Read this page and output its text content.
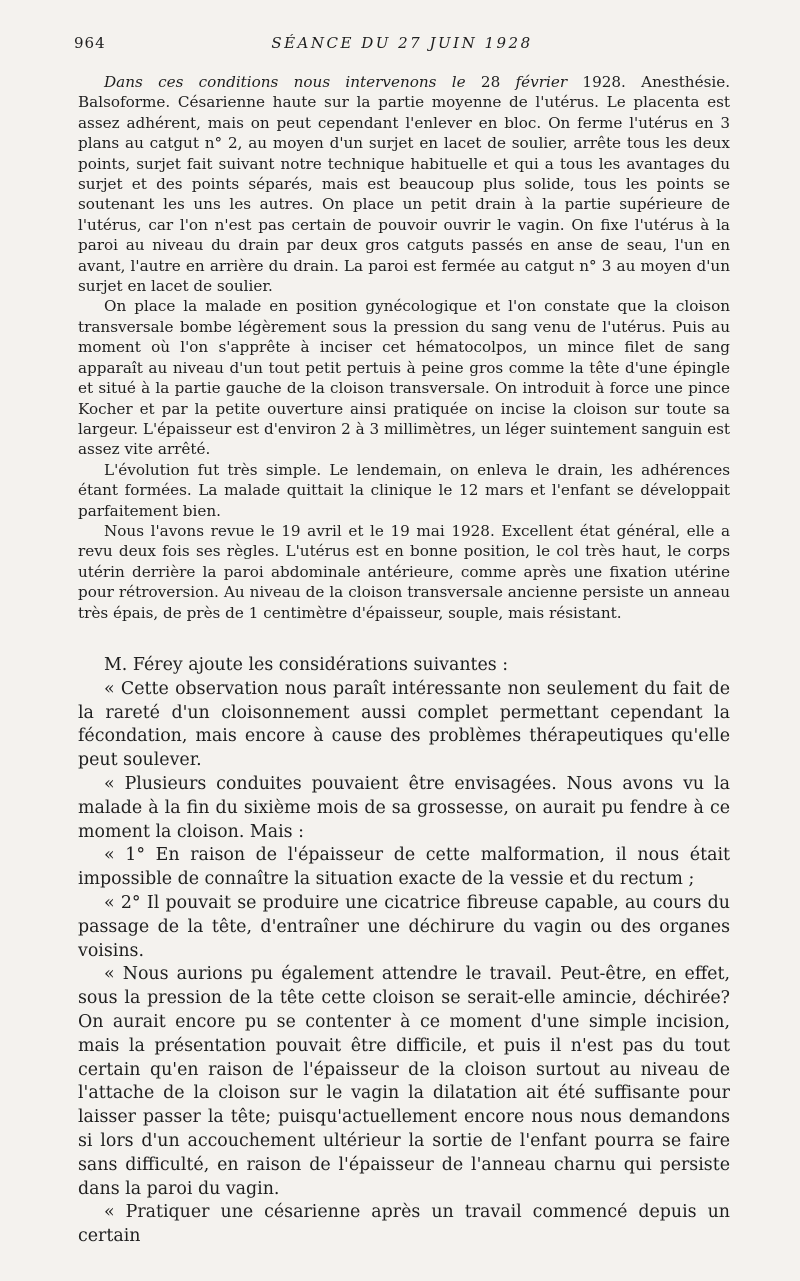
964	SÉANCE DU 27 JUIN 1928

Dans ces conditions nous intervenons le 28 février 1928. Anesthésie. Balsoforme. Césarienne haute sur la partie moyenne de l'utérus. Le placenta est assez adhérent, mais on peut cependant l'enlever en bloc. On ferme l'utérus en 3 plans au catgut n° 2, au moyen d'un surjet en lacet de soulier, arrête tous les deux points, surjet fait suivant notre technique habituelle et qui a tous les avantages du surjet et des points séparés, mais est beaucoup plus solide, tous les points se soutenant les uns les autres. On place un petit drain à la partie supérieure de l'utérus, car l'on n'est pas certain de pouvoir ouvrir le vagin. On fixe l'utérus à la paroi au niveau du drain par deux gros catguts passés en anse de seau, l'un en avant, l'autre en arrière du drain. La paroi est fermée au catgut n° 3 au moyen d'un surjet en lacet de soulier.

On place la malade en position gynécologique et l'on constate que la cloison transversale bombe légèrement sous la pression du sang venu de l'utérus. Puis au moment où l'on s'apprête à inciser cet hématocolpos, un mince filet de sang apparaît au niveau d'un tout petit pertuis à peine gros comme la tête d'une épingle et situé à la partie gauche de la cloison transversale. On introduit à force une pince Kocher et par la petite ouverture ainsi pratiquée on incise la cloison sur toute sa largeur. L'épaisseur est d'environ 2 à 3 millimètres, un léger suintement sanguin est assez vite arrêté.

L'évolution fut très simple. Le lendemain, on enleva le drain, les adhérences étant formées. La malade quittait la clinique le 12 mars et l'enfant se développait parfaitement bien.

Nous l'avons revue le 19 avril et le 19 mai 1928. Excellent état général, elle a revu deux fois ses règles. L'utérus est en bonne position, le col très haut, le corps utérin derrière la paroi abdominale antérieure, comme après une fixation utérine pour rétroversion. Au niveau de la cloison transversale ancienne persiste un anneau très épais, de près de 1 centimètre d'épaisseur, souple, mais résistant.

M. Férey ajoute les considérations suivantes :

« Cette observation nous paraît intéressante non seulement du fait de la rareté d'un cloisonnement aussi complet permettant cependant la fécondation, mais encore à cause des problèmes thérapeutiques qu'elle peut soulever.

« Plusieurs conduites pouvaient être envisagées. Nous avons vu la malade à la fin du sixième mois de sa grossesse, on aurait pu fendre à ce moment la cloison. Mais :

« 1° En raison de l'épaisseur de cette malformation, il nous était impossible de connaître la situation exacte de la vessie et du rectum ;

« 2° Il pouvait se produire une cicatrice fibreuse capable, au cours du passage de la tête, d'entraîner une déchirure du vagin ou des organes voisins.

« Nous aurions pu également attendre le travail. Peut-être, en effet, sous la pression de la tête cette cloison se serait-elle amincie, déchirée? On aurait encore pu se contenter à ce moment d'une simple incision, mais la présentation pouvait être difficile, et puis il n'est pas du tout certain qu'en raison de l'épaisseur de la cloison surtout au niveau de l'attache de la cloison sur le vagin la dilatation ait été suffisante pour laisser passer la tête; puisqu'actuellement encore nous nous demandons si lors d'un accouchement ultérieur la sortie de l'enfant pourra se faire sans difficulté, en raison de l'épaisseur de l'anneau charnu qui persiste dans la paroi du vagin.

« Pratiquer une césarienne après un travail commencé depuis un certain
